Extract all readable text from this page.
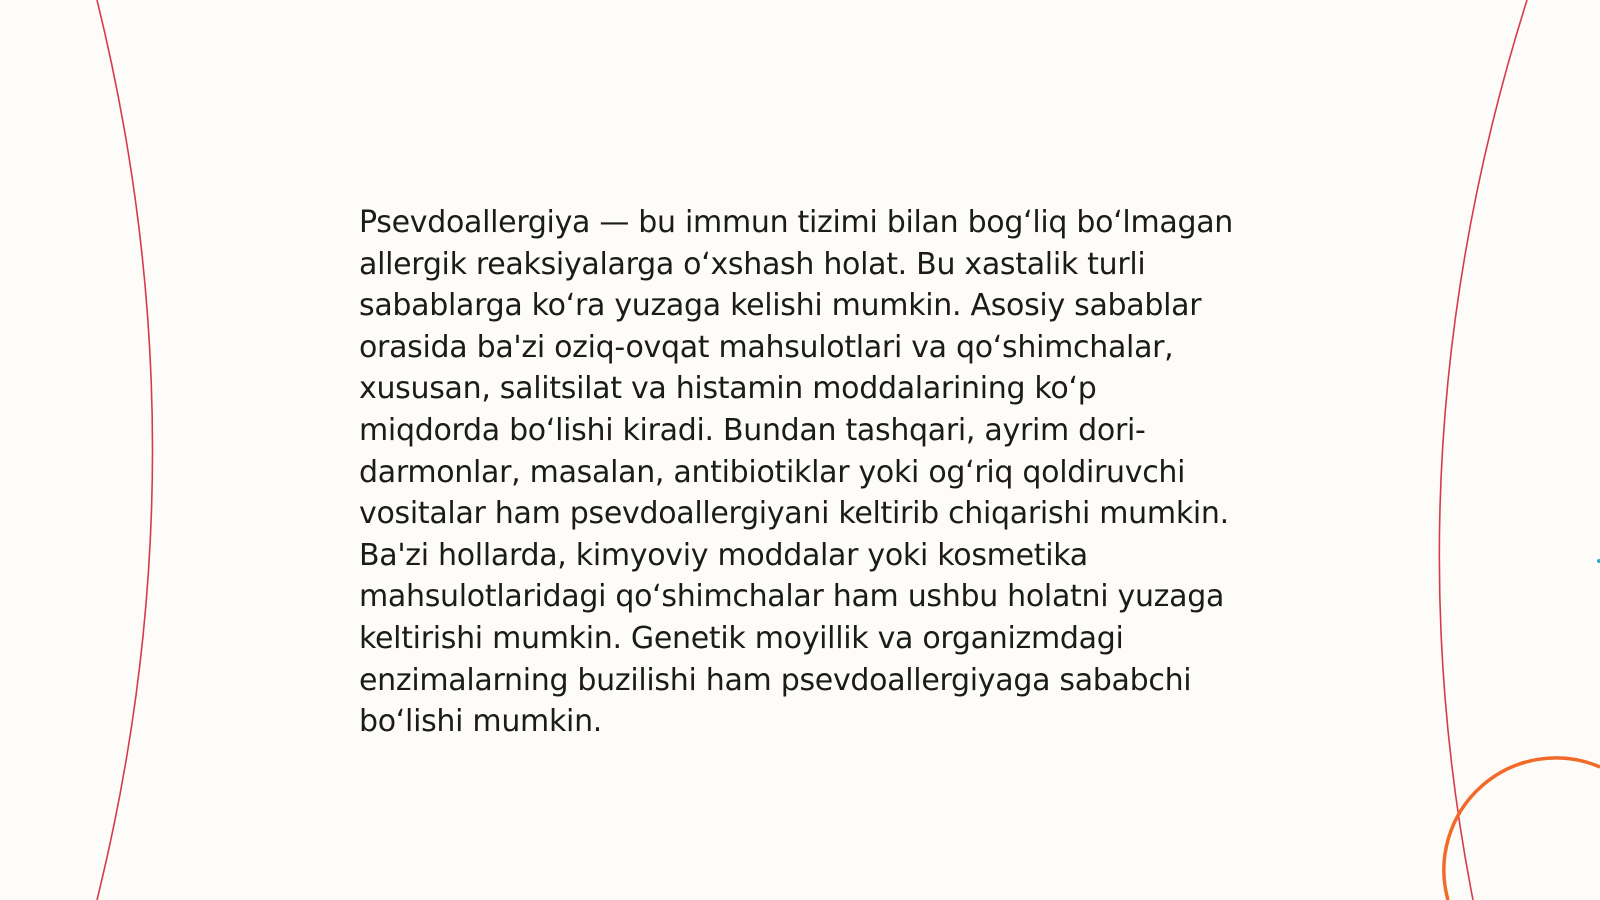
Psevdoallergiya — bu immun tizimi bilan bog‘liq bo‘lmagan allergik reaksiyalarga o‘xshash holat. Bu xastalik turli sabablarga ko‘ra yuzaga kelishi mumkin. Asosiy sabablar orasida ba'zi oziq-ovqat mahsulotlari va qo‘shimchalar, xususan, salitsilat va histamin moddalarining ko‘p miqdorda bo‘lishi kiradi. Bundan tashqari, ayrim dori-darmonlar, masalan, antibiotiklar yoki og‘riq qoldiruvchi vositalar ham psevdoallergiyani keltirib chiqarishi mumkin. Ba'zi hollarda, kimyoviy moddalar yoki kosmetika mahsulotlaridagi qo‘shimchalar ham ushbu holatni yuzaga keltirishi mumkin. Genetik moyillik va organizmdagi enzimalarning buzilishi ham psevdoallergiyaga sababchi bo‘lishi mumkin.
